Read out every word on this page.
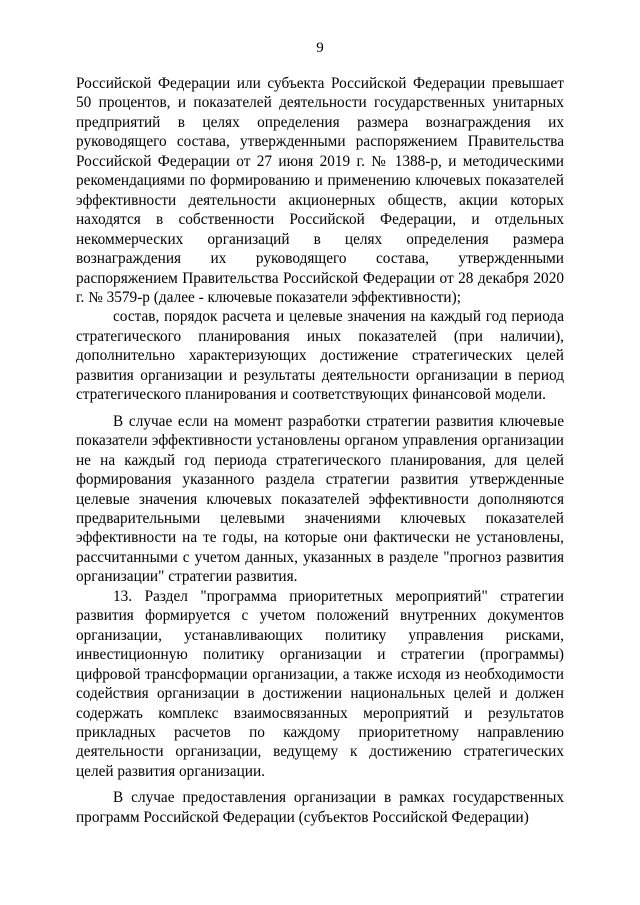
9

Российской Федерации или субъекта Российской Федерации превышает 50 процентов, и показателей деятельности государственных унитарных предприятий в целях определения размера вознаграждения их руководящего состава, утвержденными распоряжением Правительства Российской Федерации от 27 июня 2019 г. № 1388-р, и методическими рекомендациями по формированию и применению ключевых показателей эффективности деятельности акционерных обществ, акции которых находятся в собственности Российской Федерации, и отдельных некоммерческих организаций в целях определения размера вознаграждения их руководящего состава, утвержденными распоряжением Правительства Российской Федерации от 28 декабря 2020 г. № 3579-р (далее - ключевые показатели эффективности);

состав, порядок расчета и целевые значения на каждый год периода стратегического планирования иных показателей (при наличии), дополнительно характеризующих достижение стратегических целей развития организации и результаты деятельности организации в период стратегического планирования и соответствующих финансовой модели.

В случае если на момент разработки стратегии развития ключевые показатели эффективности установлены органом управления организации не на каждый год периода стратегического планирования, для целей формирования указанного раздела стратегии развития утвержденные целевые значения ключевых показателей эффективности дополняются предварительными целевыми значениями ключевых показателей эффективности на те годы, на которые они фактически не установлены, рассчитанными с учетом данных, указанных в разделе "прогноз развития организации" стратегии развития.

13. Раздел "программа приоритетных мероприятий" стратегии развития формируется с учетом положений внутренних документов организации, устанавливающих политику управления рисками, инвестиционную политику организации и стратегии (программы) цифровой трансформации организации, а также исходя из необходимости содействия организации в достижении национальных целей и должен содержать комплекс взаимосвязанных мероприятий и результатов прикладных расчетов по каждому приоритетному направлению деятельности организации, ведущему к достижению стратегических целей развития организации.

В случае предоставления организации в рамках государственных программ Российской Федерации (субъектов Российской Федерации)
